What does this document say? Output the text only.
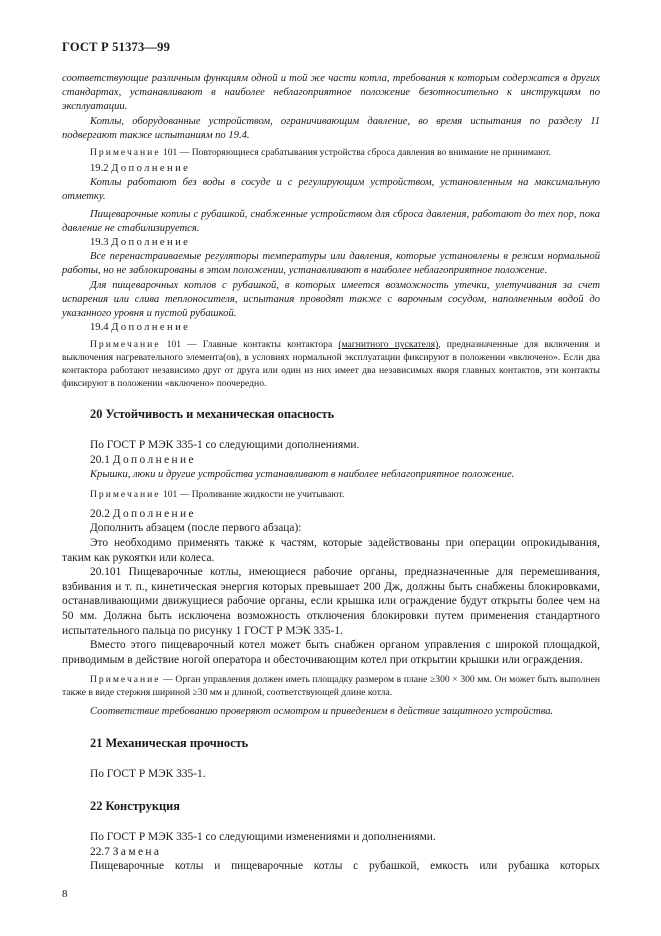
ГОСТ Р 51373—99

соответствующие различным функциям одной и той же части котла, требования к которым содержатся в других стандартах, устанавливают в наиболее неблагоприятное положение безотносительно к инструкциям по эксплуатации.

Котлы, оборудованные устройством, ограничивающим давление, во время испытания по разделу 11 подвергают также испытаниям по 19.4.

Примечание 101 — Повторяющиеся срабатывания устройства сброса давления во внимание не принимают.

19.2 Дополнение

Котлы работают без воды в сосуде и с регулирующим устройством, установленным на максимальную отметку.

Пищеварочные котлы с рубашкой, снабженные устройством для сброса давления, работают до тех пор, пока давление не стабилизируется.

19.3 Дополнение

Все перенастраиваемые регуляторы температуры или давления, которые установлены в режим нормальной работы, но не заблокированы в этом положении, устанавливают в наиболее неблагоприятное положение.

Для пищеварочных котлов с рубашкой, в которых имеется возможность утечки, улетучивания за счет испарения или слива теплоносителя, испытания проводят также с варочным сосудом, наполненным водой до указанного уровня и пустой рубашкой.

19.4 Дополнение

Примечание 101 — Главные контакты контактора (магнитного пускателя), предназначенные для включения и выключения нагревательного элемента(ов), в условиях нормальной эксплуатации фиксируют в положении «включено». Если два контактора работают независимо друг от друга или один из них имеет два независимых якоря главных контактов, эти контакты фиксируют в положении «включено» поочередно.

20 Устойчивость и механическая опасность

По ГОСТ Р МЭК 335-1 со следующими дополнениями.

20.1 Дополнение

Крышки, люки и другие устройства устанавливают в наиболее неблагоприятное положение.

Примечание 101 — Проливание жидкости не учитывают.

20.2 Дополнение

Дополнить абзацем (после первого абзаца):

Это необходимо применять также к частям, которые задействованы при операции опрокидывания, таким как рукоятки или колеса.

20.101 Пищеварочные котлы, имеющиеся рабочие органы, предназначенные для перемешивания, взбивания и т. п., кинетическая энергия которых превышает 200 Дж, должны быть снабжены блокировками, останавливающими движущиеся рабочие органы, если крышка или ограждение будут открыты более чем на 50 мм. Должна быть исключена возможность отключения блокировки путем применения стандартного испытательного пальца по рисунку 1 ГОСТ Р МЭК 335-1.

Вместо этого пищеварочный котел может быть снабжен органом управления с широкой площадкой, приводимым в действие ногой оператора и обесточивающим котел при открытии крышки или ограждения.

Примечание — Орган управления должен иметь площадку размером в плане ≥300 × 300 мм. Он может быть выполнен также в виде стержня шириной ≥30 мм и длиной, соответствующей длине котла.

Соответствие требованию проверяют осмотром и приведением в действие защитного устройства.

21 Механическая прочность

По ГОСТ Р МЭК 335-1.

22 Конструкция

По ГОСТ Р МЭК 335-1 со следующими изменениями и дополнениями.

22.7 Замена

Пищеварочные котлы и пищеварочные котлы с рубашкой, емкость или рубашка которых

8
